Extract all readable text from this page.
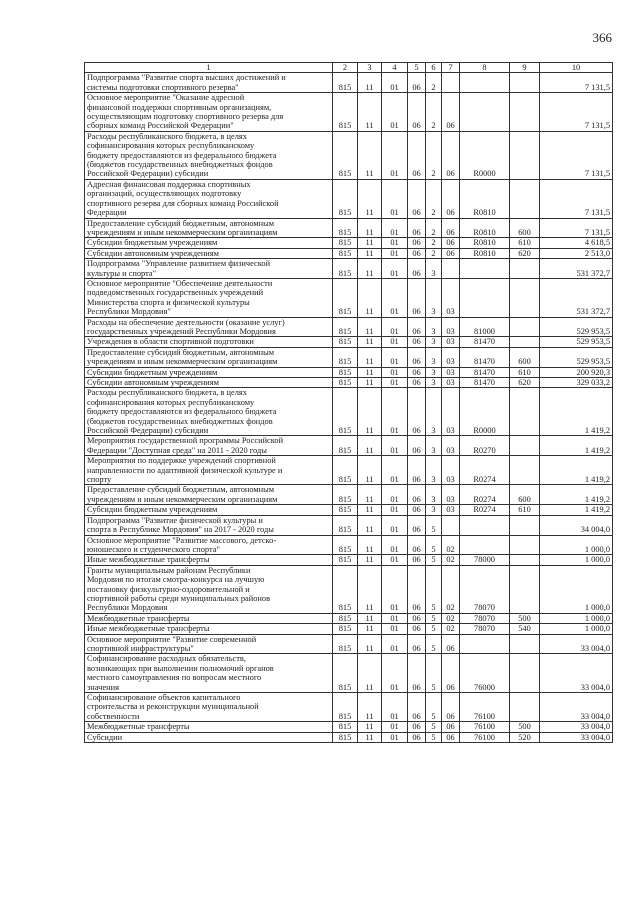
366
1	2	3	4	5	6	7	8	9	10
Подпрограмма "Развитие спорта высших достижений и
системы подготовки спортивного резерва"	815	11	01	06	2				7 131,5
Основное мероприятие "Оказание адресной
финансовой поддержки спортивным организациям,
осуществляющим подготовку спортивного резерва для
сборных команд Российской Федерации"	815	11	01	06	2	06			7 131,5
Расходы республиканского бюджета, в целях
софинансирования которых республиканскому
бюджету предоставляются из федерального бюджета
(бюджетов государственных внебюджетных фондов
Российской Федерации) субсидии	815	11	01	06	2	06	R0000		7 131,5
Адресная финансовая поддержка спортивных
организаций, осуществляющих подготовку
спортивного резерва для сборных команд Российской
Федерации	815	11	01	06	2	06	R0810		7 131,5
Предоставление субсидий бюджетным, автономным
учреждениям и иным некоммерческим организациям	815	11	01	06	2	06	R0810	600	7 131,5
Субсидии бюджетным учреждениям	815	11	01	06	2	06	R0810	610	4 618,5
Субсидии автономным учреждениям	815	11	01	06	2	06	R0810	620	2 513,0
Подпрограмма "Управление развитием физической
культуры и спорта"	815	11	01	06	3				531 372,7
Основное мероприятие "Обеспечение деятельности
подведомственных государственных учреждений
Министерства спорта и физической культуры
Республики Мордовия"	815	11	01	06	3	03			531 372,7
Расходы на обеспечение деятельности (оказание услуг)
государственных учреждений Республики Мордовия	815	11	01	06	3	03	81000		529 953,5
Учреждения в области спортивной подготовки	815	11	01	06	3	03	81470		529 953,5
Предоставление субсидий бюджетным, автономным
учреждениям и иным некоммерческим организациям	815	11	01	06	3	03	81470	600	529 953,5
Субсидии бюджетным учреждениям	815	11	01	06	3	03	81470	610	200 920,3
Субсидии автономным учреждениям	815	11	01	06	3	03	81470	620	329 033,2
Расходы республиканского бюджета, в целях
софинансирования которых республиканскому
бюджету предоставляются из федерального бюджета
(бюджетов государственных внебюджетных фондов
Российской Федерации) субсидии	815	11	01	06	3	03	R0000		1 419,2
Мероприятия государственной программы Российской
Федерации "Доступная среда" на 2011 - 2020 годы	815	11	01	06	3	03	R0270		1 419,2
Мероприятия по поддержке учреждений спортивной
направленности по адаптивной физической культуре и
спорту	815	11	01	06	3	03	R0274		1 419,2
Предоставление субсидий бюджетным, автономным
учреждениям и иным некоммерческим организациям	815	11	01	06	3	03	R0274	600	1 419,2
Субсидии бюджетным учреждениям	815	11	01	06	3	03	R0274	610	1 419,2
Подпрограмма "Развитие физической культуры и
спорта в Республике Мордовия" на 2017 - 2020 годы	815	11	01	06	5				34 004,0
Основное мероприятие "Развитие массового, детско-
юношеского и студенческого спорта"	815	11	01	06	5	02			1 000,0
Иные межбюджетные трансферты	815	11	01	06	5	02	78000		1 000,0
Гранты муниципальным районам Республики
Мордовия по итогам смотра-конкурса на лучшую
постановку физкультурно-оздоровительной и
спортивной работы среди муниципальных районов
Республики Мордовия	815	11	01	06	5	02	78070		1 000,0
Межбюджетные трансферты	815	11	01	06	5	02	78070	500	1 000,0
Иные межбюджетные трансферты	815	11	01	06	5	02	78070	540	1 000,0
Основное мероприятие "Развитие современной
спортивной инфраструктуры"	815	11	01	06	5	06			33 004,0
Софинансирование расходных обязательств,
возникающих при выполнении полномочий органов
местного самоуправления по вопросам местного
значения	815	11	01	06	5	06	76000		33 004,0
Софинансирование объектов капитального
строительства и реконструкции муниципальной
собственности	815	11	01	06	5	06	76100		33 004,0
Межбюджетные трансферты	815	11	01	06	5	06	76100	500	33 004,0
Субсидии	815	11	01	06	5	06	76100	520	33 004,0
